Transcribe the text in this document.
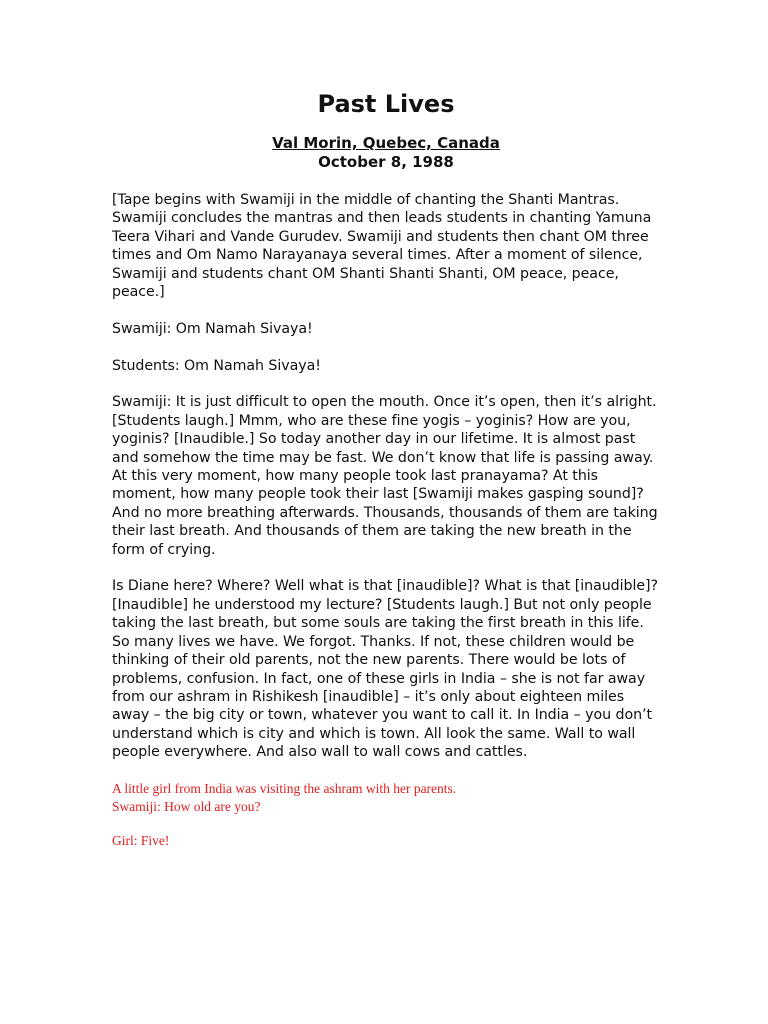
Past Lives

Val Morin, Quebec, Canada

October 8, 1988

[Tape begins with Swamiji in the middle of chanting the Shanti Mantras. Swamiji concludes the mantras and then leads students in chanting Yamuna Teera Vihari and Vande Gurudev. Swamiji and students then chant OM three times and Om Namo Narayanaya several times. After a moment of silence, Swamiji and students chant OM Shanti Shanti Shanti, OM peace, peace, peace.]

Swamiji: Om Namah Sivaya!

Students: Om Namah Sivaya!

Swamiji: It is just difficult to open the mouth. Once it’s open, then it’s alright. [Students laugh.] Mmm, who are these fine yogis – yoginis? How are you, yoginis? [Inaudible.] So today another day in our lifetime. It is almost past and somehow the time may be fast. We don’t know that life is passing away. At this very moment, how many people took last pranayama? At this moment, how many people took their last [Swamiji makes gasping sound]? And no more breathing afterwards. Thousands, thousands of them are taking their last breath. And thousands of them are taking the new breath in the form of crying.

Is Diane here? Where? Well what is that [inaudible]? What is that [inaudible]? [Inaudible] he understood my lecture? [Students laugh.] But not only people taking the last breath, but some souls are taking the first breath in this life. So many lives we have. We forgot. Thanks. If not, these children would be thinking of their old parents, not the new parents. There would be lots of problems, confusion. In fact, one of these girls in India – she is not far away from our ashram in Rishikesh [inaudible] – it’s only about eighteen miles away – the big city or town, whatever you want to call it. In India – you don’t understand which is city and which is town. All look the same. Wall to wall people everywhere. And also wall to wall cows and cattles.

A little girl from India was visiting the ashram with her parents.

Swamiji: How old are you?

Girl: Five!
